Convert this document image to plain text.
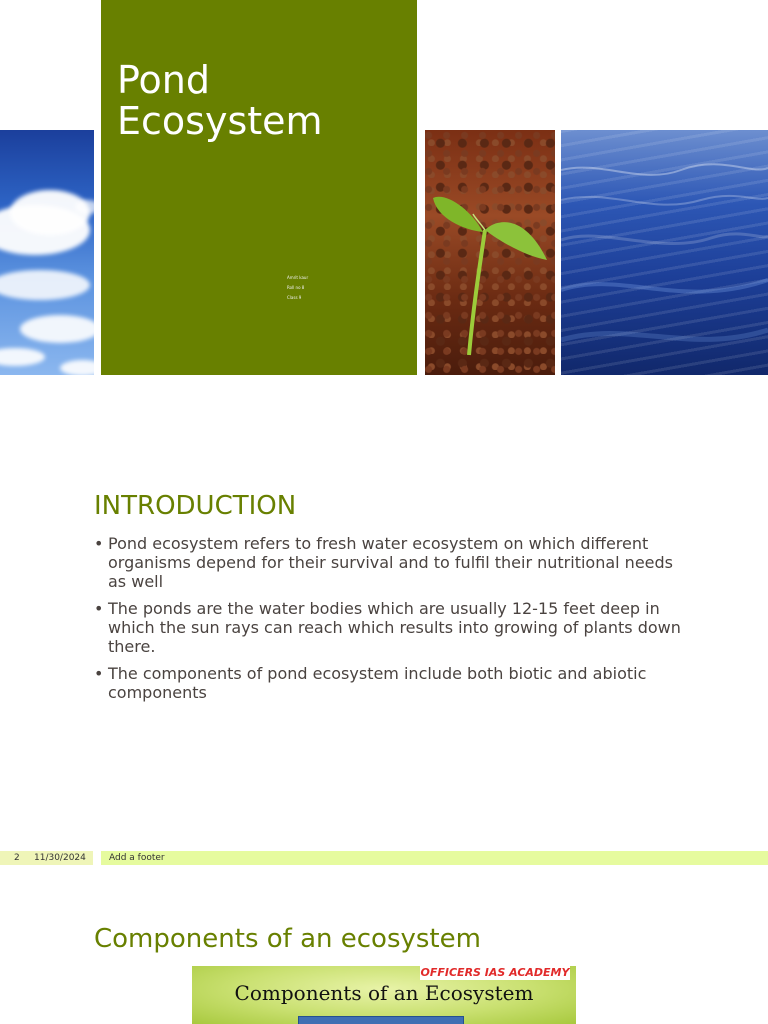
Pond
Ecosystem
Amrit kaur
Roll no 8
Class 9
INTRODUCTION
• Pond ecosystem refers to fresh water ecosystem on which different organisms depend for their survival and to fulfil their nutritional needs as well
• The ponds are the water bodies which are usually 12-15 feet deep in which the sun rays can reach which results into growing of plants down there.
• The components of pond ecosystem include both biotic and abiotic components
2 11/30/2024	Add a footer
Components of an ecosystem
OFFICERS IAS ACADEMY
Components of an Ecosystem
